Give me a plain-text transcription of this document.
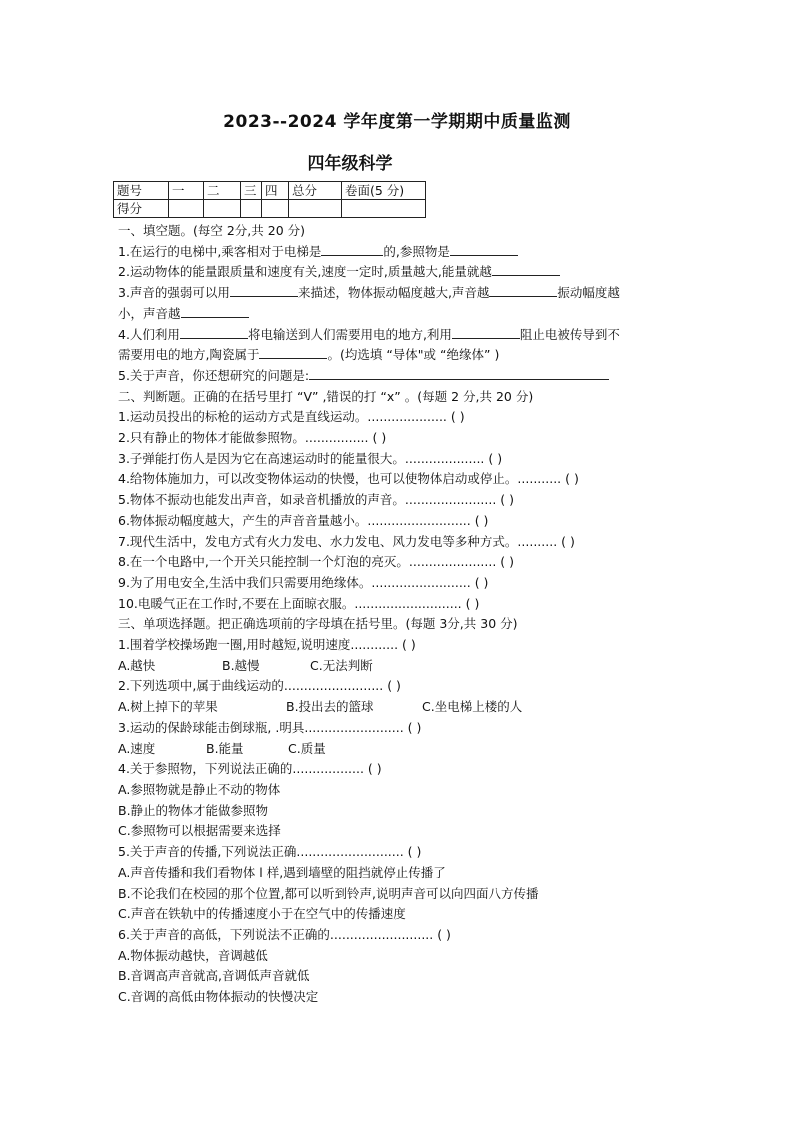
2023--2024 学年度第一学期期中质量监测
四年级科学
题号	一	二	三	四	总分	卷面(5 分)
得分						
一、填空题。(每空 2分,共 20 分)
1.在运行的电梯中,乘客相对于电梯是	的,参照物是
2.运动物体的能量跟质量和速度有关,速度一定时,质量越大,能量就越
3.声音的强弱可以用	来描述，物体振动幅度越大,声音越	振动幅度越
小，声音越
4.人们利用	将电输送到人们需要用电的地方,利用	阻止电被传导到不
需要用电的地方,陶瓷属于	。(均选填 “导体"或 “绝缘体” )
5.关于声音，你还想研究的问题是:
二、判断题。正确的在括号里打 “V” ,错误的打 “x” 。(每题 2 分,共 20 分)
1.运动员投出的标枪的运动方式是直线运动。.................... ( )
2.只有静止的物体才能做参照物。................ ( )
3.子弹能打伤人是因为它在高速运动时的能量很大。.................... ( )
4.给物体施加力，可以改变物体运动的快慢，也可以使物体启动或停止。........... ( )
5.物体不振动也能发出声音，如录音机播放的声音。....................... ( )
6.物体振动幅度越大，产生的声音音量越小。.......................... ( )
7.现代生活中，发电方式有火力发电、水力发电、风力发电等多种方式。.......... ( )
8.在一个电路中,一个开关只能控制一个灯泡的亮灭。...................... ( )
9.为了用电安全,生活中我们只需要用绝缘体。......................... ( )
10.电暖气正在工作时,不要在上面晾衣服。........................... ( )
三、单项选择题。把正确选项前的字母填在括号里。(每题 3分,共 30 分)
1.围着学校操场跑一圈,用时越短,说明速度............ ( )
A.越快	B.越慢	C.无法判断
2.下列选项中,属于曲线运动的......................... ( )
A.树上掉下的苹果	B.投出去的篮球	C.坐电梯上楼的人
3.运动的保龄球能击倒球瓶, .明具......................... ( )
A.速度	B.能量	C.质量
4.关于参照物，下列说法正确的.................. ( )
A.参照物就是静止不动的物体
B.静止的物体才能做参照物
C.参照物可以根据需要来选择
5.关于声音的传播,下列说法正确........................... ( )
A.声音传播和我们看物体 l 样,遇到墙壁的阻挡就停止传播了
B.不论我们在校园的那个位置,都可以听到铃声,说明声音可以向四面八方传播
C.声音在铁轨中的传播速度小于在空气中的传播速度
6.关于声音的高低，下列说法不正确的.......................... ( )
A.物体振动越快，音调越低
B.音调高声音就高,音调低声音就低
C.音调的高低由物体振动的快慢决定
